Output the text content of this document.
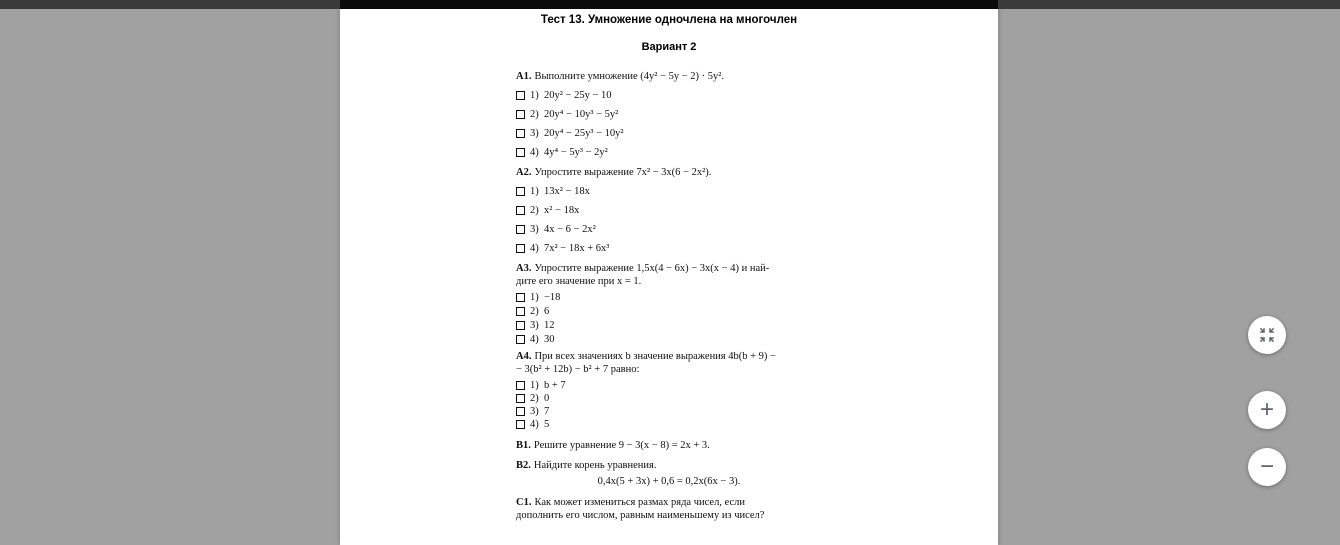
Тест 13. Умножение одночлена на многочлен
Вариант 2
А1. Выполните умножение (4y² − 5y − 2) · 5y².
1)  20y² − 25y − 10
2)  20y⁴ − 10y³ − 5y²
3)  20y⁴ − 25y³ − 10y²
4)  4y⁴ − 5y³ − 2y²
А2. Упростите выражение 7x² − 3x(6 − 2x²).
1)  13x² − 18x
2)  x² − 18x
3)  4x − 6 − 2x²
4)  7x² − 18x + 6x³
А3. Упростите выражение 1,5x(4 − 6x) − 3x(x − 4) и най-
дите его значение при x = 1.
1)  −18
2)  6
3)  12
4)  30
А4. При всех значениях b значение выражения 4b(b + 9) −
− 3(b² + 12b) − b² + 7 равно:
1)  b + 7
2)  0
3)  7
4)  5
В1. Решите уравнение 9 − 3(x − 8) = 2x + 3.
В2. Найдите корень уравнения.
0,4x(5 + 3x) + 0,6 = 0,2x(6x − 3).
С1. Как может измениться размах ряда чисел, если
дополнить его числом, равным наименьшему из чисел?
+
−
